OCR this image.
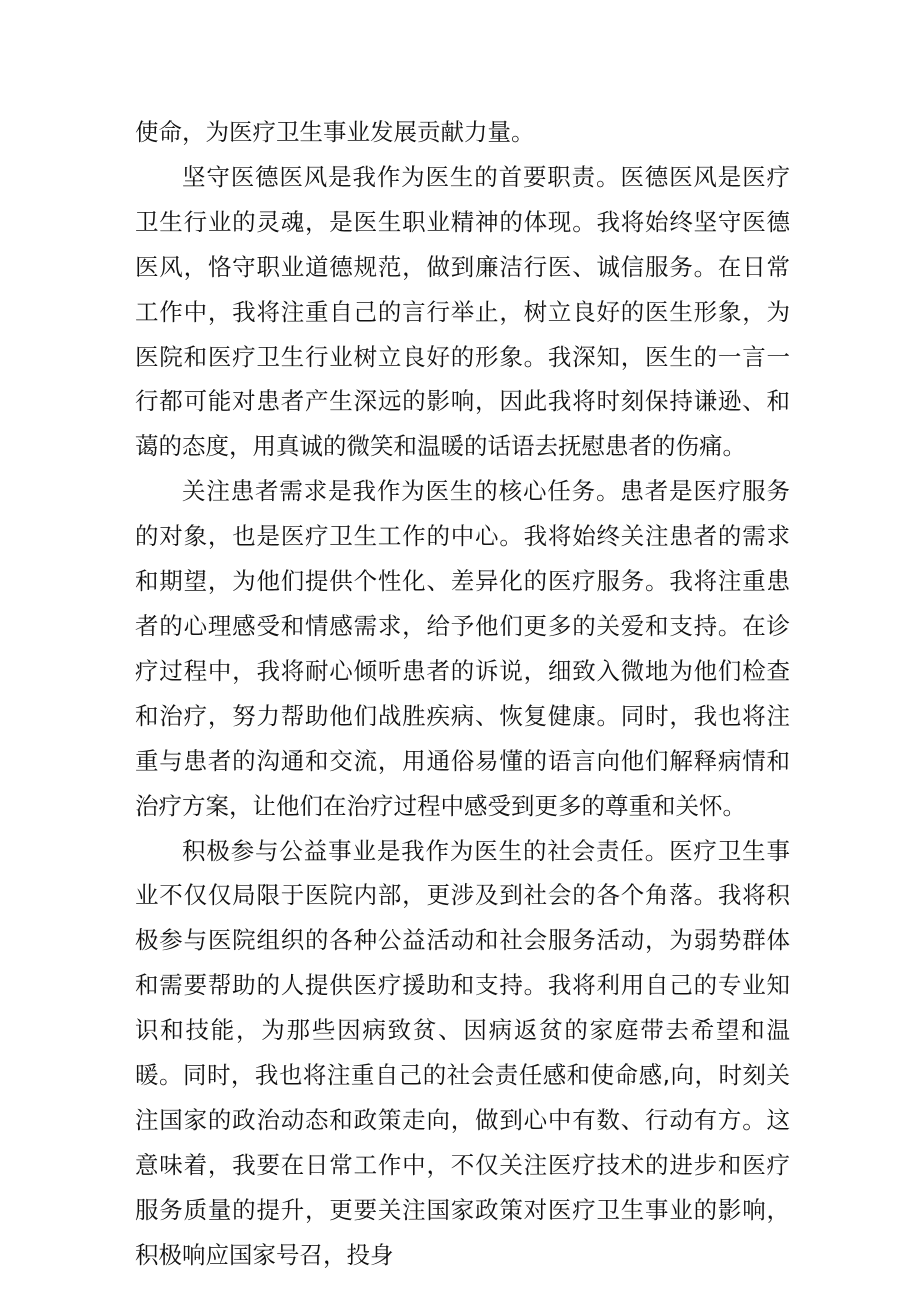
使命，为医疗卫生事业发展贡献力量。

坚守医德医风是我作为医生的首要职责。医德医风是医疗卫生行业的灵魂，是医生职业精神的体现。我将始终坚守医德医风，恪守职业道德规范，做到廉洁行医、诚信服务。在日常工作中，我将注重自己的言行举止，树立良好的医生形象，为医院和医疗卫生行业树立良好的形象。我深知，医生的一言一行都可能对患者产生深远的影响，因此我将时刻保持谦逊、和蔼的态度，用真诚的微笑和温暖的话语去抚慰患者的伤痛。

关注患者需求是我作为医生的核心任务。患者是医疗服务的对象，也是医疗卫生工作的中心。我将始终关注患者的需求和期望，为他们提供个性化、差异化的医疗服务。我将注重患者的心理感受和情感需求，给予他们更多的关爱和支持。在诊疗过程中，我将耐心倾听患者的诉说，细致入微地为他们检查和治疗，努力帮助他们战胜疾病、恢复健康。同时，我也将注重与患者的沟通和交流，用通俗易懂的语言向他们解释病情和治疗方案，让他们在治疗过程中感受到更多的尊重和关怀。

积极参与公益事业是我作为医生的社会责任。医疗卫生事业不仅仅局限于医院内部，更涉及到社会的各个角落。我将积极参与医院组织的各种公益活动和社会服务活动，为弱势群体和需要帮助的人提供医疗援助和支持。我将利用自己的专业知识和技能，为那些因病致贫、因病返贫的家庭带去希望和温暖。同时，我也将注重自己的社会责任感和使命感,向，时刻关注国家的政治动态和政策走向，做到心中有数、行动有方。这意味着，我要在日常工作中，不仅关注医疗技术的进步和医疗服务质量的提升，更要关注国家政策对医疗卫生事业的影响，积极响应国家号召，投身
